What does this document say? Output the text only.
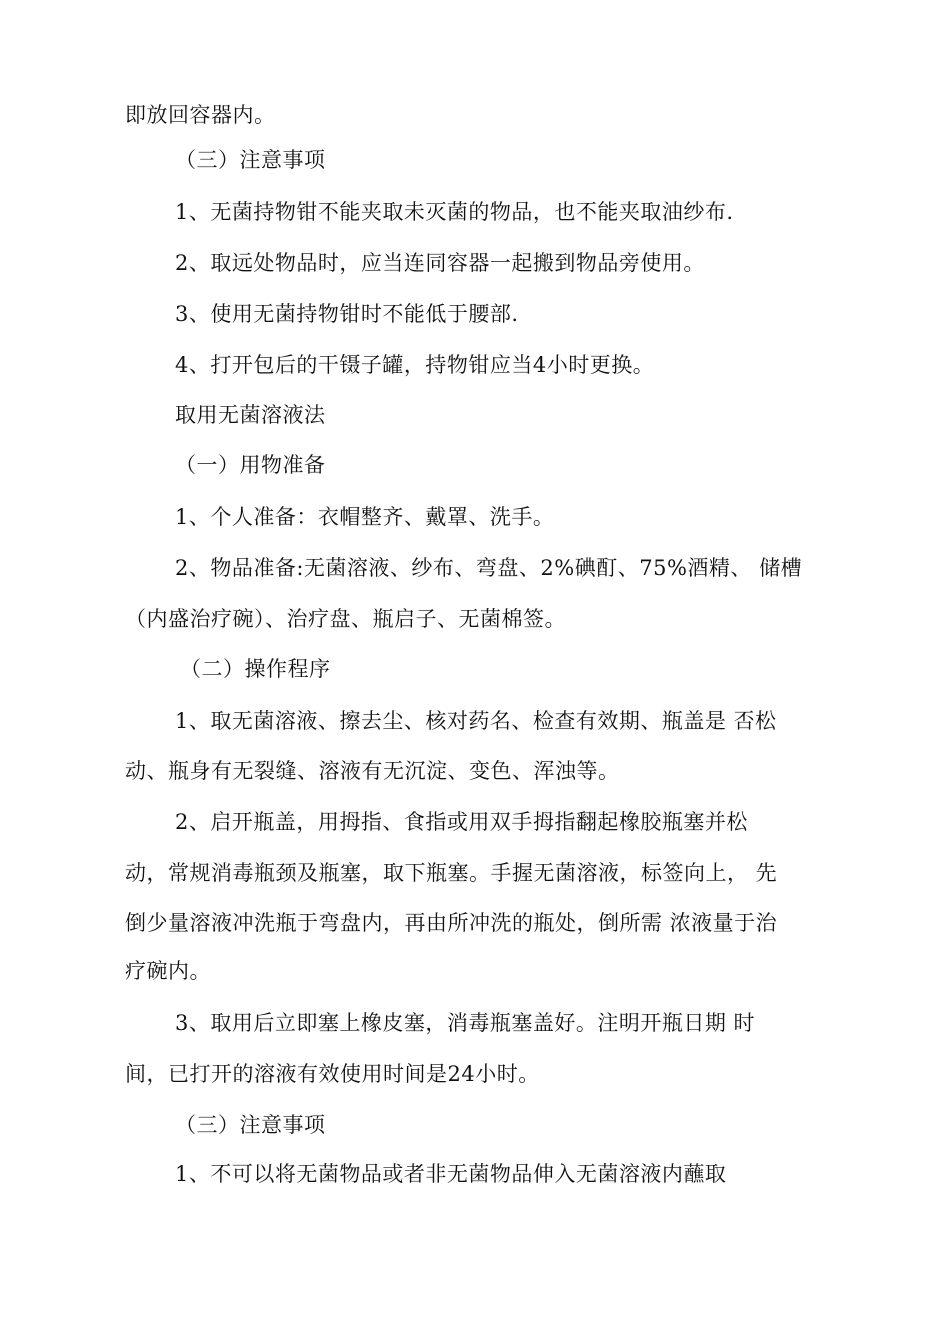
即放回容器内。
（三）注意事项
1、无菌持物钳不能夹取未灭菌的物品，也不能夹取油纱布.
2、取远处物品时，应当连同容器一起搬到物品旁使用。
3、使用无菌持物钳时不能低于腰部.
4、打开包后的干镊子罐，持物钳应当4小时更换。
取用无菌溶液法
（一）用物准备
1、个人准备：衣帽整齐、戴罩、洗手。
2、物品准备:无菌溶液、纱布、弯盘、2%碘酊、75%酒精、 储槽
（内盛治疗碗）、治疗盘、瓶启子、无菌棉签。
（二）操作程序
1、取无菌溶液、擦去尘、核对药名、检查有效期、瓶盖是 否松
动、瓶身有无裂缝、溶液有无沉淀、变色、浑浊等。
2、启开瓶盖，用拇指、食指或用双手拇指翻起橡胶瓶塞并松
动，常规消毒瓶颈及瓶塞，取下瓶塞。手握无菌溶液，标签向上， 先
倒少量溶液冲洗瓶于弯盘内，再由所冲洗的瓶处，倒所需 浓液量于治
疗碗内。
3、取用后立即塞上橡皮塞，消毒瓶塞盖好。注明开瓶日期 时
间，已打开的溶液有效使用时间是24小时。
（三）注意事项
1、不可以将无菌物品或者非无菌物品伸入无菌溶液内蘸取
